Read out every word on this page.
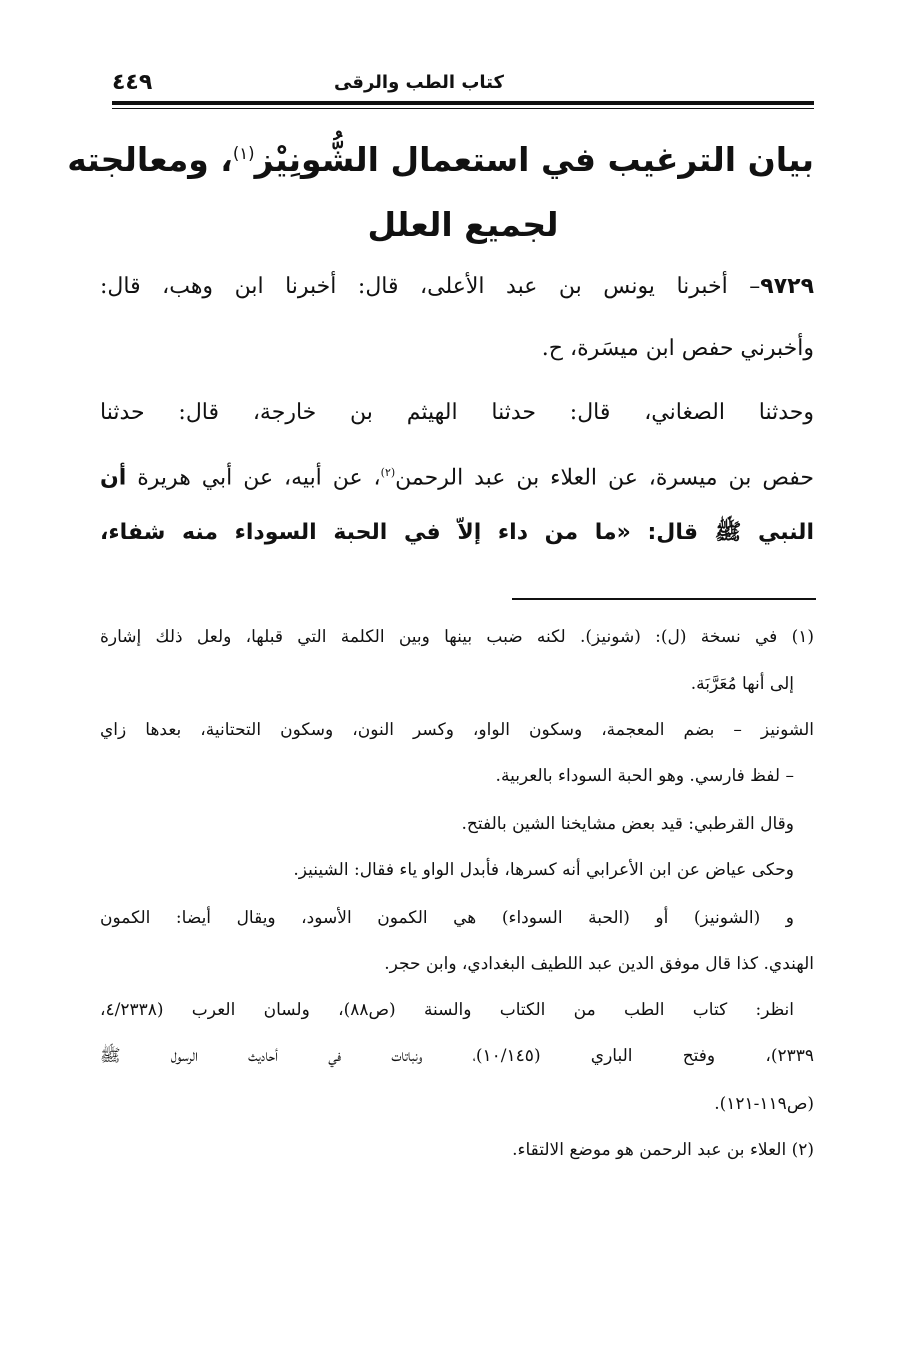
كتاب الطب والرقى
٤٤٩
بيان الترغيب في استعمال الشُّونِيْز$^{(١)}$، ومعالجته
لجميع العلل
٩٧٢٩– أخبرنا يونس بن عبد الأعلى، قال: أخبرنا ابن وهب، قال:
وأخبرني حفص ابن ميسَرة، ح.
وحدثنا الصغاني، قال: حدثنا الهيثم بن خارجة، قال: حدثنا
حفص بن ميسرة، عن العلاء بن عبد الرحمن$^{(٢)}$، عن أبيه، عن أبي هريرة أن
النبي ﷺ قال: «ما من داء إلاّ في الحبة السوداء منه شفاء،
(١) في نسخة (ل): (شونيز). لكنه ضبب بينها وبين الكلمة التي قبلها، ولعل ذلك إشارة
إلى أنها مُعَرَّبَة.
الشونيز – بضم المعجمة، وسكون الواو، وكسر النون، وسكون التحتانية، بعدها زاي
– لفظ فارسي. وهو الحبة السوداء بالعربية.
وقال القرطبي: قيد بعض مشايخنا الشين بالفتح.
وحكى عياض عن ابن الأعرابي أنه كسرها، فأبدل الواو ياء فقال: الشينيز.
و (الشونيز) أو (الحبة السوداء) هي الكمون الأسود، ويقال أيضا: الكمون
الهندي. كذا قال موفق الدين عبد اللطيف البغدادي، وابن حجر.
انظر: كتاب الطب من الكتاب والسنة (ص٨٨)، ولسان العرب (٤/٢٣٣٨،
٢٣٣٩)، وفتح الباري (١٠/١٤٥)، ونباتات في أحاديث الرسول ﷺ
(ص١١٩-١٢١).
(٢) العلاء بن عبد الرحمن هو موضع الالتقاء.
